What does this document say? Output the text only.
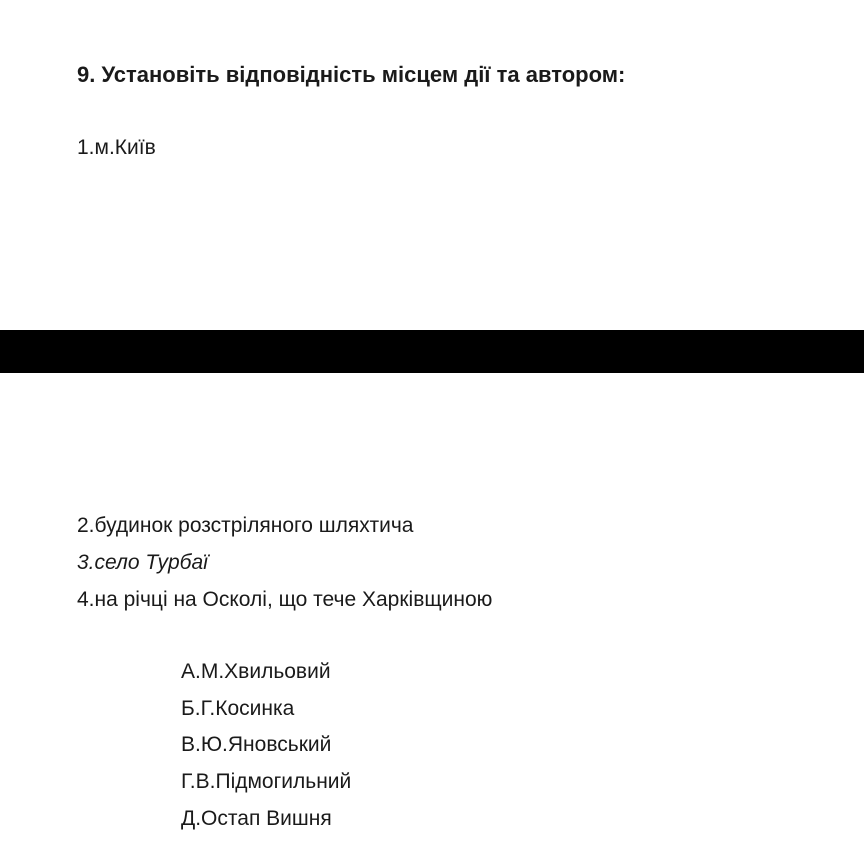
9. Установіть відповідність місцем дії та автором:
1.м.Київ
2.будинок розстріляного шляхтича
3.село Турбаї
4.на річці на Осколі, що тече Харківщиною
А.М.Хвильовий
Б.Г.Косинка
В.Ю.Яновський
Г.В.Підмогильний
Д.Остап Вишня
